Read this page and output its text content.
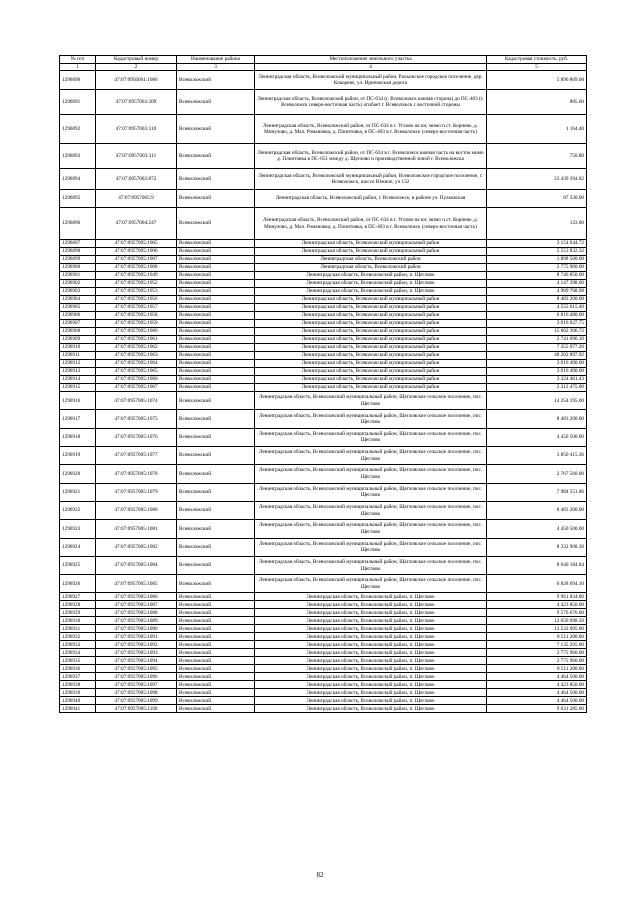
№ п/п	Кадастровый номер	Наименование района	Местоположение земельного участка	Кадастровая стоимость, руб.
1	2	3	4	5
1296890	47:07:0956001:1086	Всеволожский	Ленинградская область, Всеволожский муниципальный район, Рахьинское городское поселение, дер. Кокорево, ул. Ириновская дорога	5 896 869.08
1296891	47:07:0957003:309	Всеволожский	Ленинградская область, Всеволожский район, от ПС-634 (г. Всеволожск южная сторона) до ПС-403 (г. Всеволожск северо-восточная часть) огибает г. Всеволожск с восточной стороны	885.60
1296892	47:07:0957003:310	Всеволожский	Ленинградская область, Всеволожский район, от ПС-634 в г. Углово на юг, мимо п.ст. Корнево, д. Минулово, д. Мал. Романовка, д. Плинтовка, в ПС-403 в г. Всеволожск (северо-восточная часть)	1 164.40
1296893	47:07:0957003:311	Всеволожский	Ленинградская область, Всеволожский район, от ПС-634 в г. Всеволожск южная часть на восток мимо д. Плинтовка в ПС-651 между д. Щеглово и производственной зоной г. Всеволожска	750.80
1296894	47:07:0957003:872	Всеволожский	Ленинградская область, Всеволожский муниципальный район, Всеволожское городское поселение, г. Всеволожск, шоссе Южное, уч 132	23 439 394.82
1296895	47:07:0957005:9	Всеволожский	Ленинградская область, Всеволожский район, г. Всеволожск, в районе ул. Пулковская	87 330.00
1296896	47:07:0957004:247	Всеволожский	Ленинградская область, Всеволожский район, от ПС-634 в г. Углово на юг, мимо п.ст. Корнево, д. Минулово, д. Мал. Романовка, д. Плинтовка, в ПС-403 в г. Всеволожск (северо-восточная часть)	123.00
1296897	47:07:0957005:1005	Всеволожский	Ленинградская область, Всеволожский муниципальный район	3 154 644.72
1296898	47:07:0957005:1006	Всеволожский	Ленинградская область, Всеволожский муниципальный район	5 553 832.32
1296899	47:07:0957005:1007	Всеволожский	Ленинградская область, Всеволожский район	1 898 500.00
1296900	47:07:0957005:1008	Всеволожский	Ленинградская область, Всеволожский район	2 775 960.00
1296901	47:07:0957005:1049	Всеволожский	Ленинградская область, Всеволожский район, п. Щеглово	8 746 850.00
1296902	47:07:0957005:1052	Всеволожский	Ленинградская область, Всеволожский район, п. Щеглово	4 147 398.00
1296903	47:07:0957005:1053	Всеволожский	Ленинградская область, Всеволожский район, п. Щеглово	4 989 768.98
1296904	47:07:0957005:1056	Всеволожский	Ленинградская область, Всеволожский муниципальный район	8 483 200.00
1296905	47:07:0957005:1057	Всеволожский	Ленинградская область, Всеволожский муниципальный район	4 555 615.40
1296906	47:07:0957005:1058	Всеволожский	Ленинградская область, Всеволожский муниципальный район	6 816 480.00
1296907	47:07:0957005:1059	Всеволожский	Ленинградская область, Всеволожский муниципальный район	3 616 027.75
1296908	47:07:0957005:1060	Всеволожский	Ленинградская область, Всеволожский муниципальный район	15 662 306.72
1296909	47:07:0957005:1061	Всеволожский	Ленинградская область, Всеволожский муниципальный район	2 741 696.10
1296910	47:07:0957005:1062	Всеволожский	Ленинградская область, Всеволожский муниципальный район	7 355 977.20
1296911	47:07:0957005:1063	Всеволожский	Ленинградская область, Всеволожский муниципальный район	48 202 897.92
1296912	47:07:0957005:1064	Всеволожский	Ленинградская область, Всеволожский муниципальный район	3 616 400.00
1296913	47:07:0957005:1065	Всеволожский	Ленинградская область, Всеволожский муниципальный район	3 616 400.00
1296914	47:07:0957005:1066	Всеволожский	Ленинградская область, Всеволожский муниципальный район	3 324 461.43
1296915	47:07:0957005:1067	Всеволожский	Ленинградская область, Всеволожский муниципальный район	2 312 475.00
1296916	47:07:0957005:1074	Всеволожский	Ленинградская область, Всеволожский муниципальный район, Щегловское сельское поселение, пос. Щеглово	14 254 195.00
1296917	47:07:0957005:1075	Всеволожский	Ленинградская область, Всеволожский муниципальный район, Щегловское сельское поселение, пос. Щеглово	8 483 200.00
1296918	47:07:0957005:1076	Всеволожский	Ленинградская область, Всеволожский муниципальный район, Щегловское сельское поселение, пос. Щеглово	4 450 500.00
1296919	47:07:0957005:1077	Всеволожский	Ленинградская область, Всеволожский муниципальный район, Щегловское сельское поселение, пос. Щеглово	3 850 415.36
1296920	47:07:0957005:1078	Всеволожский	Ленинградская область, Всеволожский муниципальный район, Щегловское сельское поселение, пос. Щеглово	2 767 560.00
1296921	47:07:0957005:1079	Всеволожский	Ленинградская область, Всеволожский муниципальный район, Щегловское сельское поселение, пос. Щеглово	7 984 551.86
1296922	47:07:0957005:1080	Всеволожский	Ленинградская область, Всеволожский муниципальный район, Щегловское сельское поселение, пос. Щеглово	8 483 200.00
1296923	47:07:0957005:1081	Всеволожский	Ленинградская область, Всеволожский муниципальный район, Щегловское сельское поселение, пос. Щеглово	4 450 500.00
1296924	47:07:0957005:1082	Всеволожский	Ленинградская область, Всеволожский муниципальный район, Щегловское сельское поселение, пос. Щеглово	8 332 908.30
1296925	47:07:0957005:1084	Всеволожский	Ленинградская область, Всеволожский муниципальный район, Щегловское сельское поселение, пос. Щеглово	8 640 184.84
1296926	47:07:0957005:1085	Всеволожский	Ленинградская область, Всеволожский муниципальный район, Щегловское сельское поселение, пос. Щеглово	6 828 694.10
1296927	47:07:0957005:1086	Всеволожский	Ленинградская область, Всеволожский район, п. Щеглово	9 961 834.80
1296928	47:07:0957005:1087	Всеволожский	Ленинградская область, Всеволожский район, п. Щеглово	4 423 850.00
1296929	47:07:0957005:1088	Всеволожский	Ленинградская область, Всеволожский район, п. Щеглово	9 576 676.00
1296930	47:07:0957005:1089	Всеволожский	Ленинградская область, Всеволожский район, п. Щеглово	12 650 098.50
1296931	47:07:0957005:1090	Всеволожский	Ленинградская область, Всеволожский район, п. Щеглово	13 532 095.00
1296932	47:07:0957005:1091	Всеволожский	Ленинградская область, Всеволожский район, п. Щеглово	8 511 200.00
1296933	47:07:0957005:1092	Всеволожский	Ленинградская область, Всеволожский район, п. Щеглово	7 135 205.00
1296934	47:07:0957005:1093	Всеволожский	Ленинградская область, Всеволожский район, п. Щеглово	2 775 960.00
1296935	47:07:0957005:1094	Всеволожский	Ленинградская область, Всеволожский район, п. Щеглово	2 775 960.00
1296936	47:07:0957005:1095	Всеволожский	Ленинградская область, Всеволожский район, п. Щеглово	8 511 200.00
1296937	47:07:0957005:1096	Всеволожский	Ленинградская область, Всеволожский район, п. Щеглово	4 464 500.00
1296938	47:07:0957005:1097	Всеволожский	Ленинградская область, Всеволожский район, п. Щеглово	4 423 850.00
1296939	47:07:0957005:1098	Всеволожский	Ленинградская область, Всеволожский район, п. Щеглово	4 464 500.00
1296940	47:07:0957005:1099	Всеволожский	Ленинградская область, Всеволожский район, п. Щеглово	4 464 500.00
1296941	47:07:0957005:1100	Всеволожский	Ленинградская область, Всеволожский район, п. Щеглово	9 631 285.00
82
